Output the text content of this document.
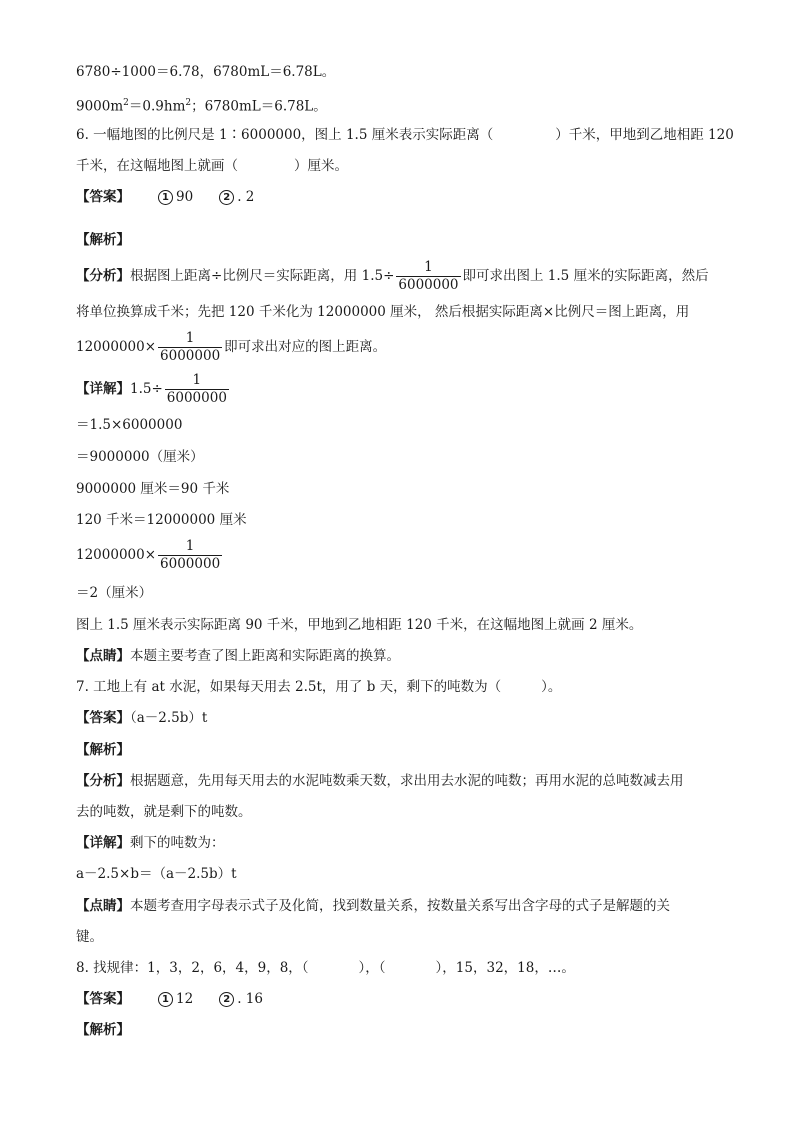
6780÷1000＝6.78，6780mL＝6.78L。
$9000m^2=0.9hm^2$；6780mL＝6.78L。
6. 一幅地图的比例尺是 1∶6000000，图上 1.5 厘米表示实际距离（	）千米，甲地到乙地相距 120
千米，在这幅地图上就画（	）厘米。
【答案】	1 90	2 . 2
【解析】
【分析】根据图上距离÷比例尺＝实际距离，用 $1.5\div \frac{1}{6000000}$ 即可求出图上 1.5 厘米的实际距离，然后
将单位换算成千米；先把 120 千米化为 12000000 厘米， 然后根据实际距离×比例尺＝图上距离，用
$12000000\times \frac{1}{6000000}$ 即可求出对应的图上距离。
【详解】$1.5\div \frac{1}{6000000}$
＝1.5×6000000
＝9000000（厘米）
9000000 厘米＝90 千米
120 千米＝12000000 厘米
$12000000\times \frac{1}{6000000}$
＝2（厘米）
图上 1.5 厘米表示实际距离 90 千米，甲地到乙地相距 120 千米，在这幅地图上就画 2 厘米。
【点睛】本题主要考查了图上距离和实际距离的换算。
7. 工地上有 at 水泥，如果每天用去 2.5t，用了 b 天，剩下的吨数为（	）。
【答案】（a－2.5b）t
【解析】
【分析】根据题意，先用每天用去的水泥吨数乘天数，求出用去水泥的吨数；再用水泥的总吨数减去用
去的吨数，就是剩下的吨数。
【详解】剩下的吨数为：
a－2.5×b＝（a－2.5b）t
【点睛】本题考查用字母表示式子及化简，找到数量关系，按数量关系写出含字母的式子是解题的关
键。
8. 找规律：1，3，2，6，4，9，8，（	），（	），15，32，18，…。
【答案】	1 12	2 . 16
【解析】
